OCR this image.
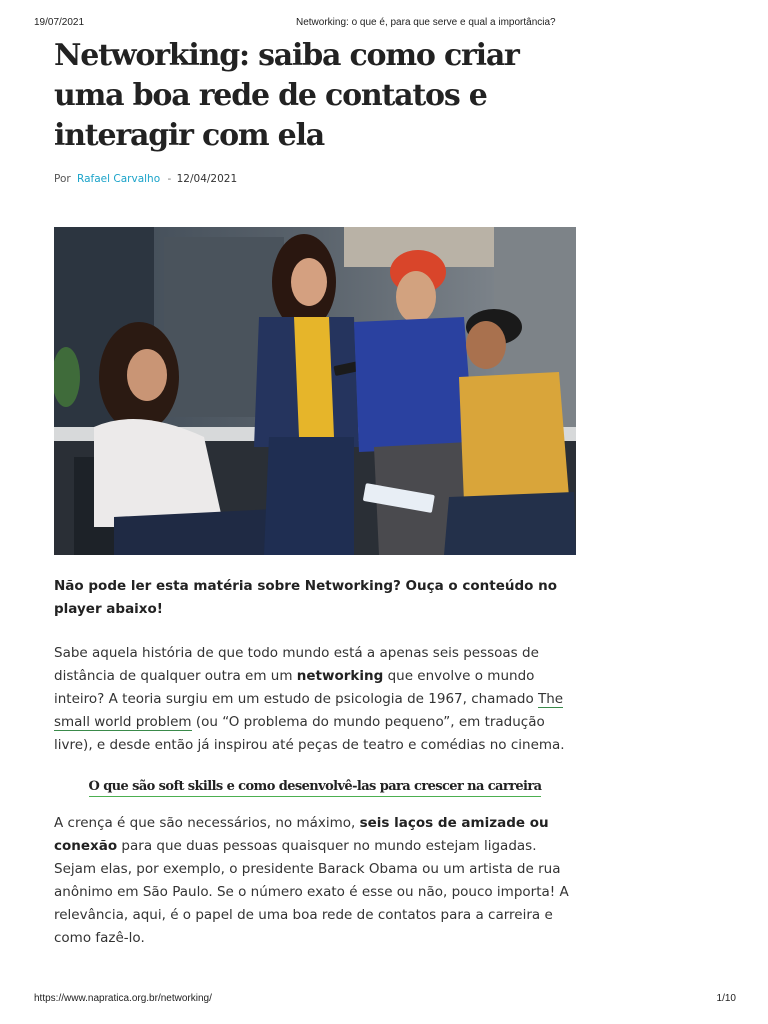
19/07/2021	Networking: o que é, para que serve e qual a importância?
Networking: saiba como criar uma boa rede de contatos e interagir com ela
Por Rafael Carvalho - 12/04/2021

Não pode ler esta matéria sobre Networking? Ouça o conteúdo no player abaixo!

Sabe aquela história de que todo mundo está a apenas seis pessoas de distância de qualquer outra em um networking que envolve o mundo inteiro? A teoria surgiu em um estudo de psicologia de 1967, chamado The small world problem (ou “O problema do mundo pequeno”, em tradução livre), e desde então já inspirou até peças de teatro e comédias no cinema.

O que são soft skills e como desenvolvê-las para crescer na carreira

A crença é que são necessários, no máximo, seis laços de amizade ou conexão para que duas pessoas quaisquer no mundo estejam ligadas. Sejam elas, por exemplo, o presidente Barack Obama ou um artista de rua anônimo em São Paulo. Se o número exato é esse ou não, pouco importa! A relevância, aqui, é o papel de uma boa rede de contatos para a carreira e como fazê-lo.

https://www.napratica.org.br/networking/	1/10
